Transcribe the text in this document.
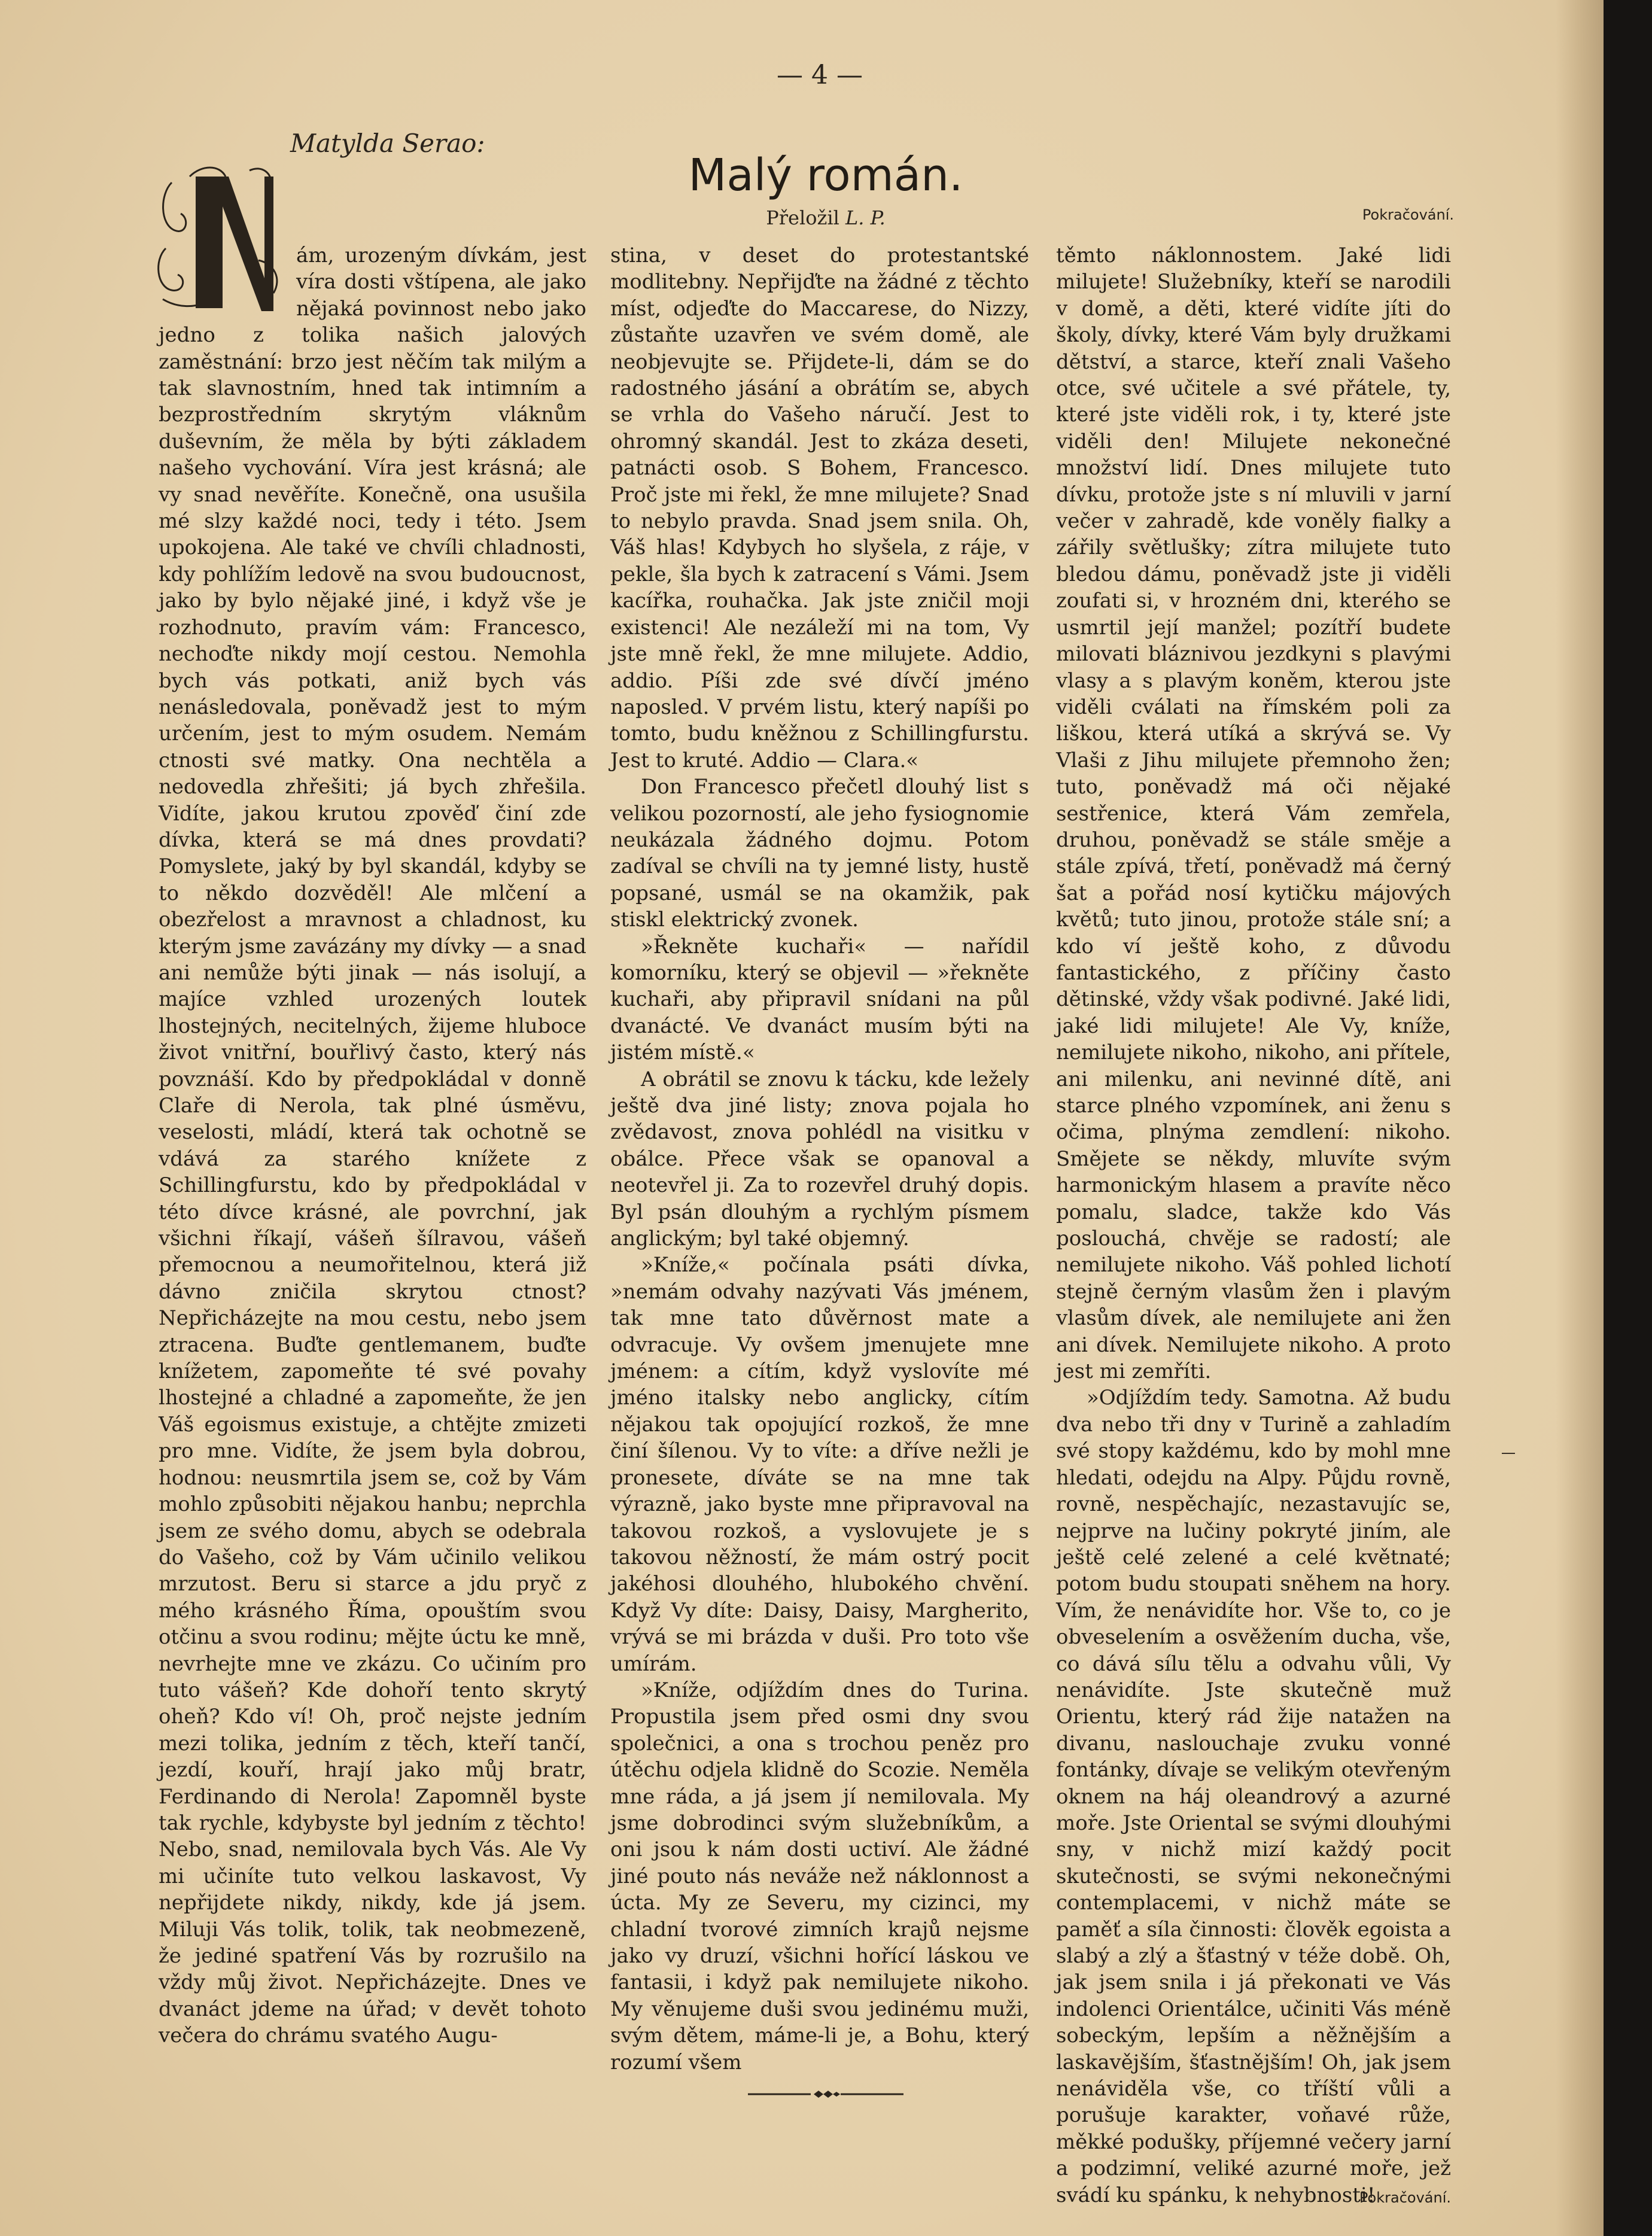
— 4 —
Matylda Serao:
Malý román.
Přeložil L. P.	Pokračování.
N

ám, urozeným dívkám, jest víra dosti vštípena, ale jako nějaká povinnost nebo jako jedno z tolika našich jalových zaměstnání: brzo jest něčím tak milým a tak slavnostním, hned tak intimním a bezprostředním skrytým vláknům duševním, že měla by býti základem našeho vychování. Víra jest krásná; ale vy snad nevěříte. Konečně, ona usušila mé slzy každé noci, tedy i této. Jsem upokojena. Ale také ve chvíli chladnosti, kdy pohlížím ledově na svou budoucnost, jako by bylo nějaké jiné, i když vše je rozhodnuto, pravím vám: Francesco, nechoďte nikdy mojí cestou. Nemohla bych vás potkati, aniž bych vás nenásledovala, poněvadž jest to mým určením, jest to mým osudem. Nemám ctnosti své matky. Ona nechtěla a nedovedla zhřešiti; já bych zhřešila. Vidíte, jakou krutou zpověď činí zde dívka, která se má dnes provdati? Pomyslete, jaký by byl skandál, kdyby se to někdo dozvěděl! Ale mlčení a obezřelost a mravnost a chladnost, ku kterým jsme zavázány my dívky — a snad ani nemůže býti jinak — nás isolují, a majíce vzhled urozených loutek lhostejných, necitelných, žijeme hluboce život vnitřní, bouřlivý často, který nás povznáší. Kdo by předpokládal v donně Claře di Nerola, tak plné úsměvu, veselosti, mládí, která tak ochotně se vdává za starého knížete z Schillingfurstu, kdo by předpokládal v této dívce krásné, ale povrchní, jak všichni říkají, vášeň šílravou, vášeň přemocnou a neumořitelnou, která již dávno zničila skrytou ctnost? Nepřicházejte na mou cestu, nebo jsem ztracena. Buďte gentlemanem, buďte knížetem, zapomeňte té své povahy lhostejné a chladné a zapomeňte, že jen Váš egoismus existuje, a chtějte zmizeti pro mne. Vidíte, že jsem byla dobrou, hodnou: neusmrtila jsem se, což by Vám mohlo způsobiti nějakou hanbu; neprchla jsem ze svého domu, abych se odebrala do Vašeho, což by Vám učinilo velikou mrzutost. Beru si starce a jdu pryč z mého krásného Říma, opouštím svou otčinu a svou rodinu; mějte úctu ke mně, nevrhejte mne ve zkázu. Co učiním pro tuto vášeň? Kde dohoří tento skrytý oheň? Kdo ví! Oh, proč nejste jedním mezi tolika, jedním z těch, kteří tančí, jezdí, kouří, hrají jako můj bratr, Ferdinando di Nerola! Zapomněl byste tak rychle, kdybyste byl jedním z těchto! Nebo, snad, nemilovala bych Vás. Ale Vy mi učiníte tuto velkou laskavost, Vy nepřijdete nikdy, nikdy, kde já jsem. Miluji Vás tolik, tolik, tak neobmezeně, že jediné spatření Vás by rozrušilo na vždy můj život. Nepřicházejte. Dnes ve dvanáct jdeme na úřad; v devět tohoto večera do chrámu svatého Augu-

stina, v deset do protestantské modlitebny. Nepřijďte na žádné z těchto míst, odjeďte do Maccarese, do Nizzy, zůstaňte uzavřen ve svém domě, ale neobjevujte se. Přijdete-li, dám se do radostného jásání a obrátím se, abych se vrhla do Vašeho náručí. Jest to ohromný skandál. Jest to zkáza deseti, patnácti osob. S Bohem, Francesco. Proč jste mi řekl, že mne milujete? Snad to nebylo pravda. Snad jsem snila. Oh, Váš hlas! Kdybych ho slyšela, z ráje, v pekle, šla bych k zatracení s Vámi. Jsem kacířka, rouhačka. Jak jste zničil moji existenci! Ale nezáleží mi na tom, Vy jste mně řekl, že mne milujete. Addio, addio. Píši zde své dívčí jméno naposled. V prvém listu, který napíši po tomto, budu kněžnou z Schillingfurstu. Jest to kruté. Addio — Clara.«

Don Francesco přečetl dlouhý list s velikou pozorností, ale jeho fysiognomie neukázala žádného dojmu. Potom zadíval se chvíli na ty jemné listy, hustě popsané, usmál se na okamžik, pak stiskl elektrický zvonek.

»Řekněte kuchaři« — nařídil komorníku, který se objevil — »řekněte kuchaři, aby připravil snídani na půl dvanácté. Ve dvanáct musím býti na jistém místě.«

A obrátil se znovu k tácku, kde ležely ještě dva jiné listy; znova pojala ho zvědavost, znova pohlédl na visitku v obálce. Přece však se opanoval a neotevřel ji. Za to rozevřel druhý dopis. Byl psán dlouhým a rychlým písmem anglickým; byl také objemný.

»Kníže,« počínala psáti dívka, »nemám odvahy nazývati Vás jménem, tak mne tato důvěrnost mate a odvracuje. Vy ovšem jmenujete mne jménem: a cítím, když vyslovíte mé jméno italsky nebo anglicky, cítím nějakou tak opojující rozkoš, že mne činí šílenou. Vy to víte: a dříve nežli je pronesete, díváte se na mne tak výrazně, jako byste mne připravoval na takovou rozkoš, a vyslovujete je s takovou něžností, že mám ostrý pocit jakéhosi dlouhého, hlubokého chvění. Když Vy díte: Daisy, Daisy, Margherito, vrývá se mi brázda v duši. Pro toto vše umírám.

»Kníže, odjíždím dnes do Turina. Propustila jsem před osmi dny svou společnici, a ona s trochou peněz pro útěchu odjela klidně do Scozie. Neměla mne ráda, a já jsem jí nemilovala. My jsme dobrodinci svým služebníkům, a oni jsou k nám dosti uctiví. Ale žádné jiné pouto nás neváže než náklonnost a úcta. My ze Severu, my cizinci, my chladní tvorové zimních krajů nejsme jako vy druzí, všichni hořící láskou ve fantasii, i když pak nemilujete nikoho. My věnujeme duši svou jedinému muži, svým dětem, máme-li je, a Bohu, který rozumí všem

těmto náklonnostem. Jaké lidi milujete! Služebníky, kteří se narodili v domě, a děti, které vidíte jíti do školy, dívky, které Vám byly družkami dětství, a starce, kteří znali Vašeho otce, své učitele a své přátele, ty, které jste viděli rok, i ty, které jste viděli den! Milujete nekonečné množství lidí. Dnes milujete tuto dívku, protože jste s ní mluvili v jarní večer v zahradě, kde voněly fialky a zářily světlušky; zítra milujete tuto bledou dámu, poněvadž jste ji viděli zoufati si, v hrozném dni, kterého se usmrtil její manžel; pozítří budete milovati bláznivou jezdkyni s plavými vlasy a s plavým koněm, kterou jste viděli cválati na římském poli za liškou, která utíká a skrývá se. Vy Vlaši z Jihu milujete přemnoho žen; tuto, poněvadž má oči nějaké sestřenice, která Vám zemřela, druhou, poněvadž se stále směje a stále zpívá, třetí, poněvadž má černý šat a pořád nosí kytičku májových květů; tuto jinou, protože stále sní; a kdo ví ještě koho, z důvodu fantastického, z příčiny často dětinské, vždy však podivné. Jaké lidi, jaké lidi milujete! Ale Vy, kníže, nemilujete nikoho, nikoho, ani přítele, ani milenku, ani nevinné dítě, ani starce plného vzpomínek, ani ženu s očima, plnýma zemdlení: nikoho. Smějete se někdy, mluvíte svým harmonickým hlasem a pravíte něco pomalu, sladce, takže kdo Vás poslouchá, chvěje se radostí; ale nemilujete nikoho. Váš pohled lichotí stejně černým vlasům žen i plavým vlasům dívek, ale nemilujete ani žen ani dívek. Nemilujete nikoho. A proto jest mi zemříti.

»Odjíždím tedy. Samotna. Až budu dva nebo tři dny v Turině a zahladím své stopy každému, kdo by mohl mne hledati, odejdu na Alpy. Půjdu rovně, rovně, nespěchajíc, nezastavujíc se, nejprve na lučiny pokryté jiním, ale ještě celé zelené a celé květnaté; potom budu stoupati sněhem na hory. Vím, že nenávidíte hor. Vše to, co je obveselením a osvěžením ducha, vše, co dává sílu tělu a odvahu vůli, Vy nenávidíte. Jste skutečně muž Orientu, který rád žije natažen na divanu, naslouchaje zvuku vonné fontánky, dívaje se velikým otevřeným oknem na háj oleandrový a azurné moře. Jste Oriental se svými dlouhými sny, v nichž mizí každý pocit skutečnosti, se svými nekonečnými contemplacemi, v nichž máte se paměť a síla činnosti: člověk egoista a slabý a zlý a šťastný v téže době. Oh, jak jsem snila i já překonati ve Vás indolenci Orientálce, učiniti Vás méně sobeckým, lepším a něžnějším a laskavějším, šťastnějším! Oh, jak jsem nenáviděla vše, co tříští vůli a porušuje karakter, voňavé růže, měkké podušky, příjemné večery jarní a podzimní, veliké azurné moře, jež svádí ku spánku, k nehybnosti!

Pokračování.
